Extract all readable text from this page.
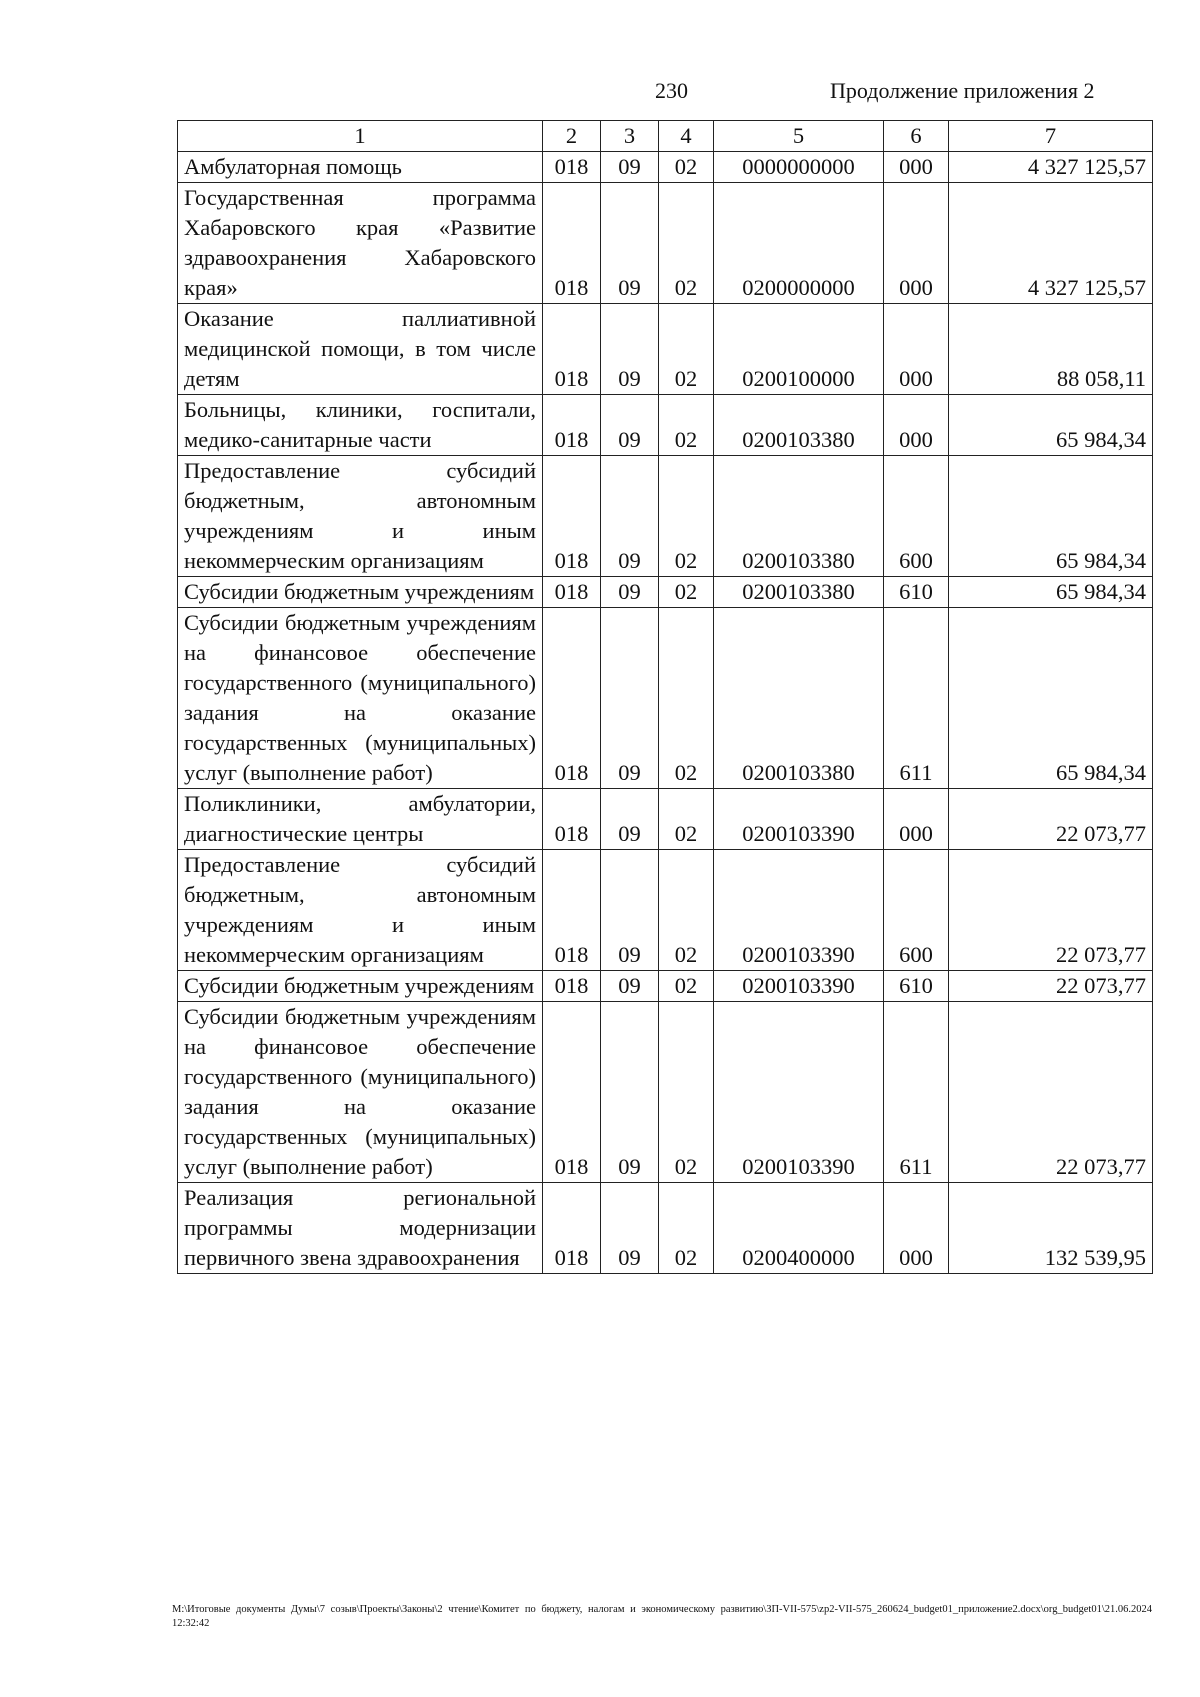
230	Продолжение приложения 2
1	2	3	4	5	6	7
Амбулаторная помощь	018	09	02	0000000000	000	4 327 125,57
Государственная программа Хабаровского края «Развитие здравоохранения Хабаровского края»	018	09	02	0200000000	000	4 327 125,57
Оказание паллиативной медицинской помощи, в том числе детям	018	09	02	0200100000	000	88 058,11
Больницы, клиники, госпитали, медико-санитарные части	018	09	02	0200103380	000	65 984,34
Предоставление субсидий бюджетным, автономным учреждениям и иным некоммерческим организациям	018	09	02	0200103380	600	65 984,34
Субсидии бюджетным учреждениям	018	09	02	0200103380	610	65 984,34
Субсидии бюджетным учреждениям на финансовое обеспечение государственного (муниципального) задания на оказание государственных (муниципальных) услуг (выполнение работ)	018	09	02	0200103380	611	65 984,34
Поликлиники, амбулатории, диагностические центры	018	09	02	0200103390	000	22 073,77
Предоставление субсидий бюджетным, автономным учреждениям и иным некоммерческим организациям	018	09	02	0200103390	600	22 073,77
Субсидии бюджетным учреждениям	018	09	02	0200103390	610	22 073,77
Субсидии бюджетным учреждениям на финансовое обеспечение государственного (муниципального) задания на оказание государственных (муниципальных) услуг (выполнение работ)	018	09	02	0200103390	611	22 073,77
Реализация региональной программы модернизации первичного звена здравоохранения	018	09	02	0200400000	000	132 539,95
М:\Итоговые документы Думы\7 созыв\Проекты\Законы\2 чтение\Комитет по бюджету, налогам и экономическому развитию\ЗП-VII-575\zp2-VII-575_260624_budget01_приложение2.docx\org_budget01\21.06.2024 12:32:42
